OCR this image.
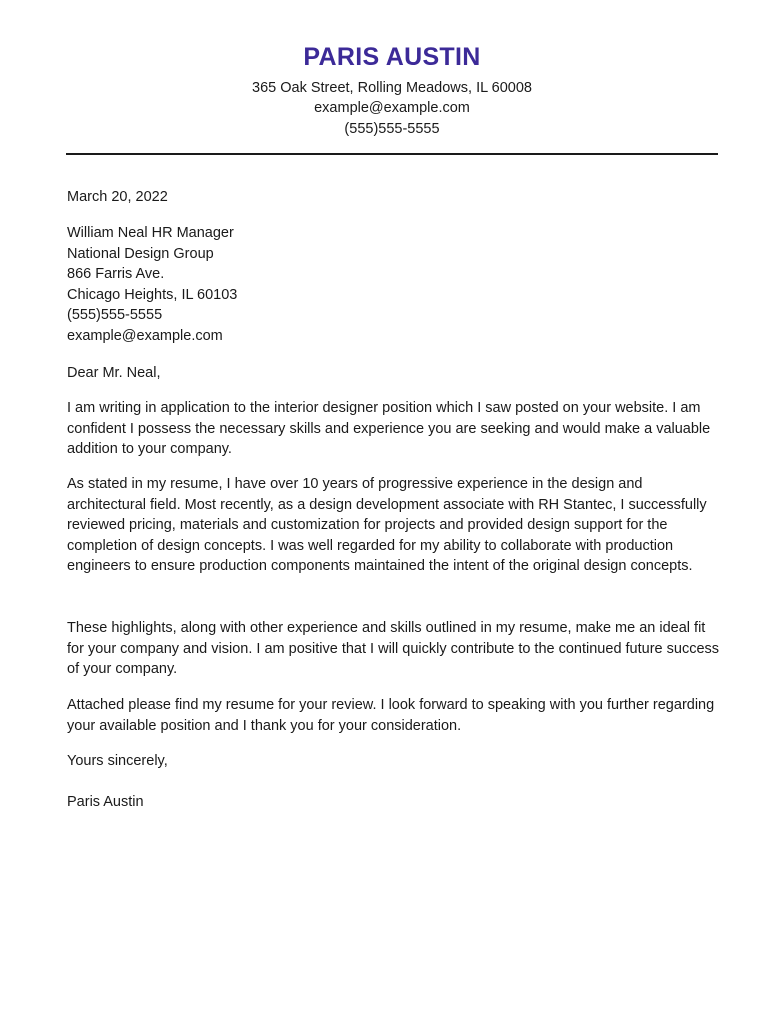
PARIS AUSTIN
365 Oak Street, Rolling Meadows, IL 60008
example@example.com
(555)555-5555
March 20, 2022
William Neal HR Manager
National Design Group
866 Farris Ave.
Chicago Heights, IL 60103
(555)555-5555
example@example.com
Dear Mr. Neal,
I am writing in application to the interior designer position which I saw posted on your website. I am confident I possess the necessary skills and experience you are seeking and would make a valuable addition to your company.
As stated in my resume, I have over 10 years of progressive experience in the design and architectural field. Most recently, as a design development associate with RH Stantec, I successfully reviewed pricing, materials and customization for projects and provided design support for the completion of design concepts. I was well regarded for my ability to collaborate with production engineers to ensure production components maintained the intent of the original design concepts.
These highlights, along with other experience and skills outlined in my resume, make me an ideal fit for your company and vision. I am positive that I will quickly contribute to the continued future success of your company.
Attached please find my resume for your review. I look forward to speaking with you further regarding your available position and I thank you for your consideration.
Yours sincerely,
Paris Austin
